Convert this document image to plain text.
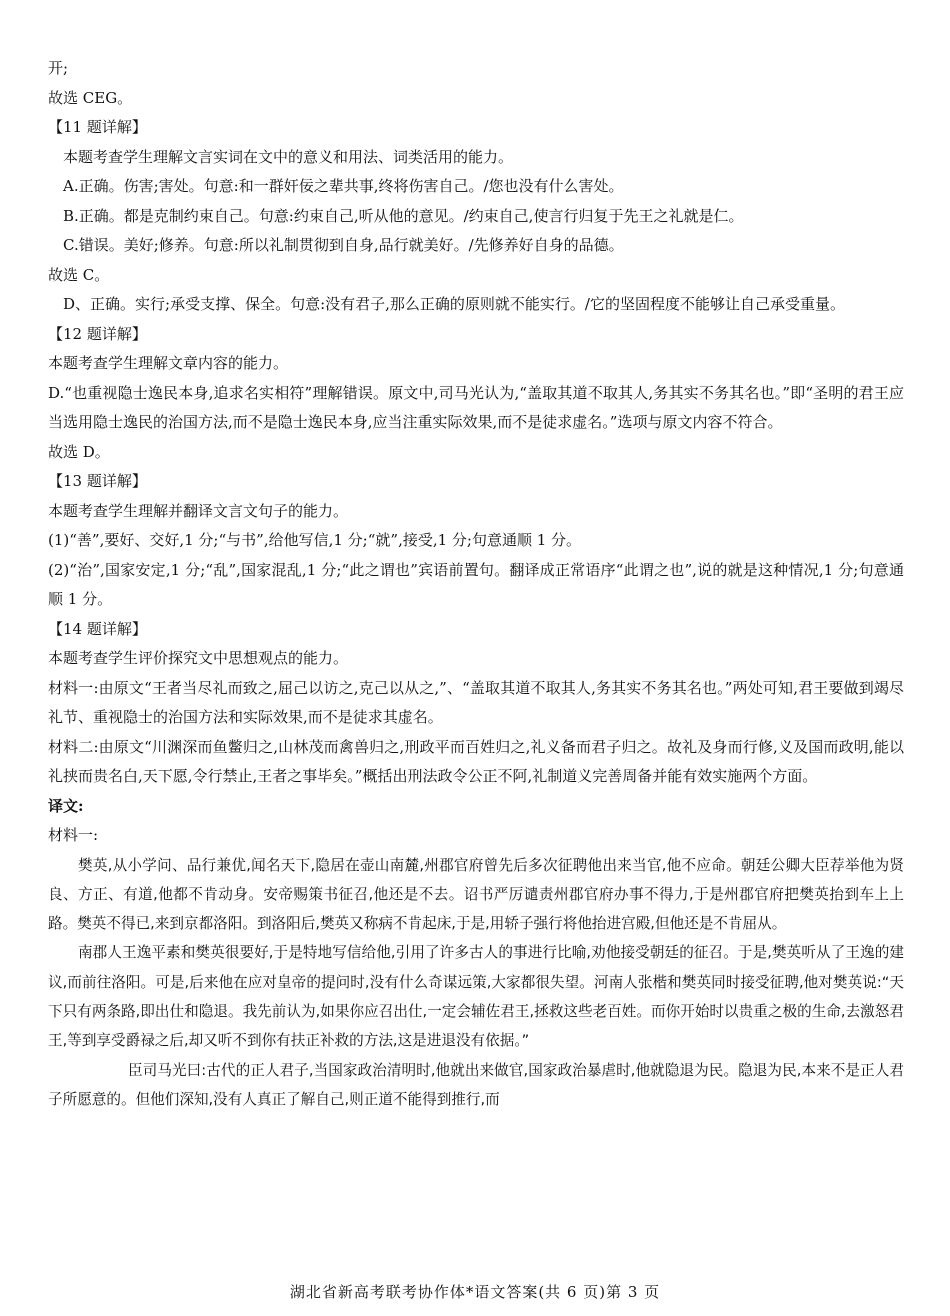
开;

故选 CEG。

【11 题详解】

本题考查学生理解文言实词在文中的意义和用法、词类活用的能力。

A.正确。伤害;害处。句意:和一群奸佞之辈共事,终将伤害自己。/您也没有什么害处。

B.正确。都是克制约束自己。句意:约束自己,听从他的意见。/约束自己,使言行归复于先王之礼就是仁。

C.错误。美好;修养。句意:所以礼制贯彻到自身,品行就美好。/先修养好自身的品德。

故选 C。

D、正确。实行;承受支撑、保全。句意:没有君子,那么正确的原则就不能实行。/它的坚固程度不能够让自己承受重量。

【12 题详解】

本题考查学生理解文章内容的能力。

D.“也重视隐士逸民本身,追求名实相符”理解错误。原文中,司马光认为,“盖取其道不取其人,务其实不务其名也。”即“圣明的君王应当选用隐士逸民的治国方法,而不是隐士逸民本身,应当注重实际效果,而不是徒求虚名。”选项与原文内容不符合。

故选 D。

【13 题详解】

本题考查学生理解并翻译文言文句子的能力。

(1)“善”,要好、交好,1 分;“与书”,给他写信,1 分;“就”,接受,1 分;句意通顺 1 分。

(2)“治”,国家安定,1 分;“乱”,国家混乱,1 分;“此之谓也”宾语前置句。翻译成正常语序“此谓之也”,说的就是这种情况,1 分;句意通顺 1 分。

【14 题详解】

本题考查学生评价探究文中思想观点的能力。

材料一:由原文“王者当尽礼而致之,屈己以访之,克己以从之,”、“盖取其道不取其人,务其实不务其名也。”两处可知,君王要做到竭尽礼节、重视隐士的治国方法和实际效果,而不是徒求其虚名。

材料二:由原文“川渊深而鱼鳖归之,山林茂而禽兽归之,刑政平而百姓归之,礼义备而君子归之。故礼及身而行修,义及国而政明,能以礼挟而贵名白,天下愿,令行禁止,王者之事毕矣。”概括出刑法政令公正不阿,礼制道义完善周备并能有效实施两个方面。

译文:

材料一:

樊英,从小学问、品行兼优,闻名天下,隐居在壶山南麓,州郡官府曾先后多次征聘他出来当官,他不应命。朝廷公卿大臣荐举他为贤良、方正、有道,他都不肯动身。安帝赐策书征召,他还是不去。诏书严厉谴责州郡官府办事不得力,于是州郡官府把樊英抬到车上上路。樊英不得已,来到京都洛阳。到洛阳后,樊英又称病不肯起床,于是,用轿子强行将他抬进宫殿,但他还是不肯屈从。

南郡人王逸平素和樊英很要好,于是特地写信给他,引用了许多古人的事进行比喻,劝他接受朝廷的征召。于是,樊英听从了王逸的建议,而前往洛阳。可是,后来他在应对皇帝的提问时,没有什么奇谋远策,大家都很失望。河南人张楷和樊英同时接受征聘,他对樊英说:“天下只有两条路,即出仕和隐退。我先前认为,如果你应召出仕,一定会辅佐君王,拯救这些老百姓。而你开始时以贵重之极的生命,去激怒君王,等到享受爵禄之后,却又听不到你有扶正补救的方法,这是进退没有依据。”

臣司马光曰:古代的正人君子,当国家政治清明时,他就出来做官,国家政治暴虐时,他就隐退为民。隐退为民,本来不是正人君子所愿意的。但他们深知,没有人真正了解自己,则正道不能得到推行,而

湖北省新高考联考协作体*语文答案(共 6 页)第 3 页
